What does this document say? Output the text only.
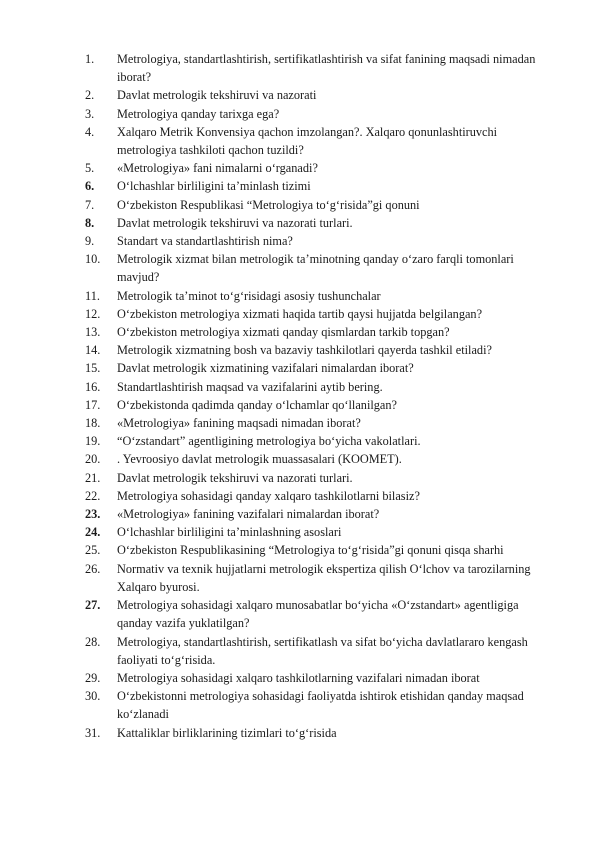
1.	Metrologiya, standartlashtirish, sertifikatlashtirish va sifat fanining maqsadi nimadan iborat?
2.	Davlat metrologik tekshiruvi va nazorati
3.	Metrologiya qanday tarixga ega?
4.	Xalqaro Metrik Konvensiya qachon imzolangan?. Xalqaro qonunlashtiruvchi metrologiya tashkiloti qachon tuzildi?
5.	«Metrologiya» fani nimalarni oʻrganadi?
6.	Oʻlchashlar birliligini ta’minlash tizimi
7.	Oʻzbekiston Respublikasi “Metrologiya toʻgʻrisida”gi qonuni
8.	Davlat metrologik tekshiruvi va nazorati turlari.
9.	Standart va standartlashtirish nima?
10.	Metrologik xizmat bilan metrologik ta’minotning qanday oʻzaro farqli tomonlari mavjud?
11.	Metrologik ta’minot toʻgʻrisidagi asosiy tushunchalar
12.	Oʻzbekiston metrologiya xizmati haqida tartib qaysi hujjatda belgilangan?
13.	Oʻzbekiston metrologiya xizmati qanday qismlardan tarkib topgan?
14.	Metrologik xizmatning bosh va bazaviy tashkilotlari qayerda tashkil etiladi?
15.	Davlat metrologik xizmatining vazifalari nimalardan iborat?
16.	Standartlashtirish maqsad va vazifalarini aytib bering.
17.	Oʻzbekistonda qadimda qanday oʻlchamlar qoʻllanilgan?
18.	«Metrologiya» fanining maqsadi nimadan iborat?
19.	“Oʻzstandart” agentligining metrologiya boʻyicha vakolatlari.
20.	. Yevroosiyo davlat metrologik muassasalari (KOOMET).
21.	Davlat metrologik tekshiruvi va nazorati turlari.
22.	Metrologiya sohasidagi qanday xalqaro tashkilotlarni bilasiz?
23.	«Metrologiya» fanining vazifalari nimalardan iborat?
24.	Oʻlchashlar birliligini ta’minlashning asoslari
25.	Oʻzbekiston Respublikasining “Metrologiya toʻgʻrisida”gi qonuni qisqa sharhi
26.	Normativ va texnik hujjatlarni metrologik ekspertiza qilish Oʻlchov va tarozilarning Xalqaro byurosi.
27.	Metrologiya sohasidagi xalqaro munosabatlar boʻyicha «Oʻzstandart» agentligiga qanday vazifa yuklatilgan?
28.	Metrologiya, standartlashtirish, sertifikatlash va sifat boʻyicha davlatlararo kengash faoliyati toʻgʻrisida.
29.	Metrologiya sohasidagi xalqaro tashkilotlarning vazifalari nimadan iborat
30.	Oʻzbekistonni metrologiya sohasidagi faoliyatda ishtirok etishidan qanday maqsad koʻzlanadi
31.	Kattaliklar birliklarining tizimlari toʻgʻrisida
